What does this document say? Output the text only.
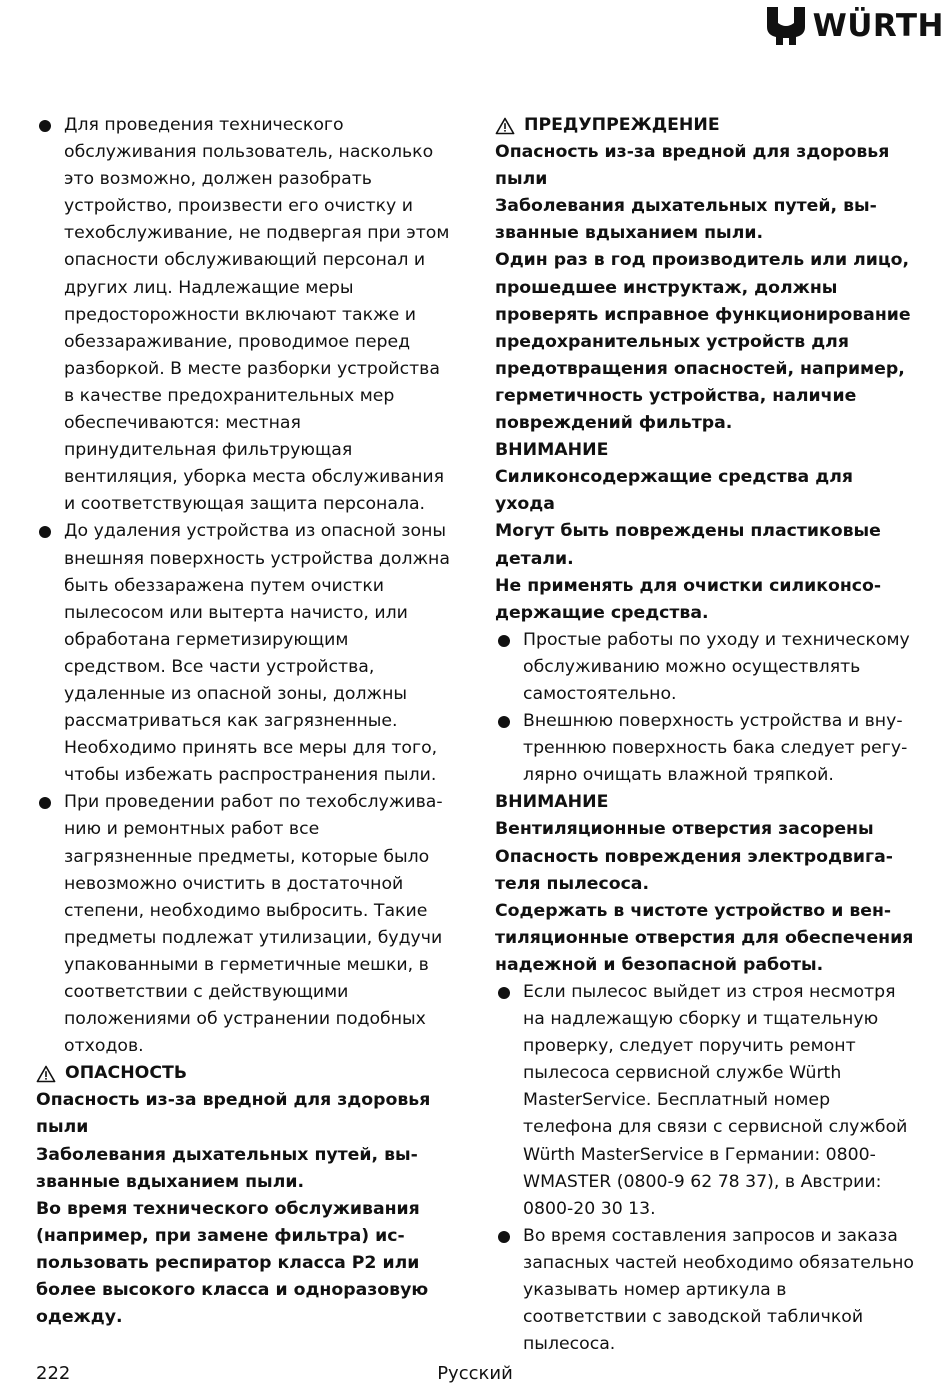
WÜRTH
Для проведения технического обслуживания пользователь, насколько это возможно, должен разобрать устройство, произвести его очистку и техобслуживание, не подвергая при этом опасности обслуживающий персонал и других лиц. Надлежащие меры предосторожности включают также и обеззараживание, проводимое перед разборкой. В месте разборки устройства в качестве предохранительных мер обеспечиваются: местная принудительная фильтрующая вентиляция, уборка места обслуживания и соответствующая защита персонала.
До удаления устройства из опасной зоны внешняя поверхность устройства должна быть обеззаражена путем очистки пылесосом или вытерта начисто, или обработана герметизирующим средством. Все части устройства, удаленные из опасной зоны, должны рассматриваться как загрязненные. Необходимо принять все меры для того, чтобы избежать распространения пыли.
При проведении работ по техобслуживанию и ремонтных работ все загрязненные предметы, которые было невозможно очистить в достаточной степени, необходимо выбросить. Такие предметы подлежат утилизации, будучи упакованными в герметичные мешки, в соответствии с действующими положениями об устранении подобных отходов.
ОПАСНОСТЬ
Опасность из-за вредной для здоровья пыли
Заболевания дыхательных путей, вызванные вдыханием пыли.
Во время технического обслуживания (например, при замене фильтра) использовать респиратор класса P2 или более высокого класса и одноразовую одежду.
ПРЕДУПРЕЖДЕНИЕ
Опасность из-за вредной для здоровья пыли
Заболевания дыхательных путей, вызванные вдыханием пыли.
Один раз в год производитель или лицо, прошедшее инструктаж, должны проверять исправное функционирование предохранительных устройств для предотвращения опасностей, например, герметичность устройства, наличие повреждений фильтра.
ВНИМАНИЕ
Силиконсодержащие средства для ухода
Могут быть повреждены пластиковые детали.
Не применять для очистки силиконсодержащие средства.
Простые работы по уходу и техническому обслуживанию можно осуществлять самостоятельно.
Внешнюю поверхность устройства и внутреннюю поверхность бака следует регулярно очищать влажной тряпкой.
ВНИМАНИЕ
Вентиляционные отверстия засорены
Опасность повреждения электродвигателя пылесоса.
Содержать в чистоте устройство и вентиляционные отверстия для обеспечения надежной и безопасной работы.
Если пылесос выйдет из строя несмотря на надлежащую сборку и тщательную проверку, следует поручить ремонт пылесоса сервисной службе Würth MasterService. Бесплатный номер телефона для связи с сервисной службой Würth MasterService в Германии: 0800-WMASTER (0800-9 62 78 37), в Австрии: 0800-20 30 13.
Во время составления запросов и заказа запасных частей необходимо обязательно указывать номер артикула в соответствии с заводской табличкой пылесоса.
Русский
222
